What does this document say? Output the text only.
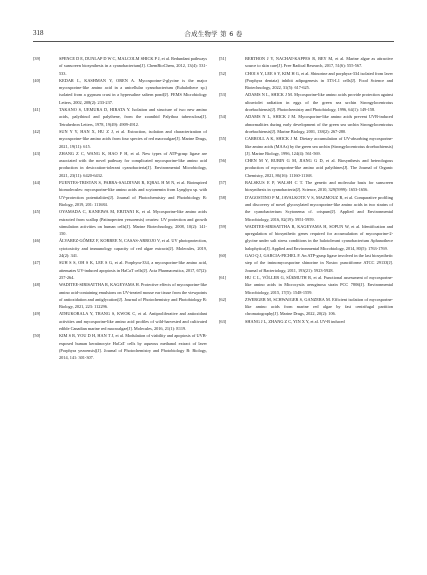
318	合成生物学 第 6 卷
[39]	SPENCE D E, DUNLAP D W C, MALCOLM SHICK P J, et al. Redundant pathways of sunscreen biosynthesis in a cyanobacterium[J]. ChemBioChem, 2012, 13(4): 531-533.
[40]	KEDAR L, KASHMAN Y, OREN A. Mycosporine-2-glycine is the major mycosporine-like amino acid in a unicellular cyanobacterium (Euhalothece sp.) isolated from a gypsum crust in a hypersaline saltern pond[J]. FEMS Microbiology Letters, 2002, 208(2): 233-237.
[41]	TAKANO S, UEMURA D, HIRATA Y. Isolation and structure of two new amino acids, palythinol and palythene, from the zoanthid Palythoa tuberculosa[J]. Tetrahedron Letters, 1978, 19(49): 4909-4912.
[42]	SUN Y Y, HAN X, HU Z J, et al. Extraction, isolation and characterization of mycosporine-like amino acids from four species of red macroalgae[J]. Marine Drugs, 2021, 19(11): 615.
[43]	ZHANG Z C, WANG K, HAO F H, et al. New types of ATP-grasp ligase are associated with the novel pathway for complicated mycosporine-like amino acid production in desiccation-tolerant cyanobacteria[J]. Environmental Microbiology, 2021, 23(11): 6420-6432.
[44]	FUENTES-TRISTAN S, PARRA-SALDIVAR R, IQBAL H M N, et al. Bioinspired biomolecules: mycosporine-like amino acids and scytonemin from Lyngbya sp. with UV-protection potentialities[J]. Journal of Photochemistry and Photobiology B: Biology, 2019, 201: 111684.
[45]	OYAMADA C, KANEIWA M, EBITANI K, et al. Mycosporine-like amino acids extracted from scallop (Patinopecten yessoensis) ovaries: UV protection and growth stimulation activities on human cells[J]. Marine Biotechnology, 2008, 10(2): 141-150.
[46]	ÁLVAREZ-GÓMEZ F, KORBEE N, CASAS-ARROJO V, et al. UV photoprotection, cytotoxicity and immunology capacity of red algae extracts[J]. Molecules, 2019, 24(2): 341.
[47]	SUH S S, OH S K, LEE S G, et al. Porphyra-334, a mycosporine-like amino acid, attenuates UV-induced apoptosis in HaCaT cells[J]. Acta Pharmaceutica, 2017, 67(2): 257-264.
[48]	WADITEE-SIRISATTHA R, KAGEYAMA H. Protective effects of mycosporine-like amino acid-containing emulsions on UV-treated mouse ear tissue from the viewpoints of antioxidation and antiglycation[J]. Journal of Photochemistry and Photobiology B: Biology, 2021, 223: 112296.
[49]	ATHUKORALA Y, TRANG S, KWOK C, et al. Antiproliferative and antioxidant activities and mycosporine-like amino acid profiles of wild-harvested and cultivated edible Canadian marine red macroalgae[J]. Molecules, 2016, 21(1): E119.
[50]	KIM S R, YOU D H, HAN T J, et al. Modulation of viability and apoptosis of UVB-exposed human keratinocyte HaCaT cells by aqueous methanol extract of laver (Porphyra yezoensis)[J]. Journal of Photochemistry and Photobiology B: Biology, 2014, 141: 301-307.
[51]	BERTHON J Y, NACHAT-KAPPES R, BEY M, et al. Marine algae as attractive source to skin care[J]. Free Radical Research, 2017, 51(6): 555-567.
[52]	CHOI S Y, LEE S Y, KIM H G, et al. Shinorine and porphyra-334 isolated from laver (Porphyra dentata) inhibit adipogenesis in 3T3-L1 cells[J]. Food Science and Biotechnology, 2022, 31(5): 617-625.
[53]	ADAMS N L, SHICK J M. Mycosporine-like amino acids provide protection against ultraviolet radiation in eggs of the green sea urchin Strongylocentrotus droebachiensis[J]. Photochemistry and Photobiology, 1996, 64(1): 149-158.
[54]	ADAMS N L, SHICK J M. Mycosporine-like amino acids prevent UVB-induced abnormalities during early development of the green sea urchin Strongylocentrotus droebachiensis[J]. Marine Biology, 2001, 138(2): 267-280.
[55]	CARROLL A K, SHICK J M. Dietary accumulation of UV-absorbing mycosporine-like amino acids (MAAs) by the green sea urchin (Strongylocentrotus droebachiensis)[J]. Marine Biology, 1996, 124(4): 561-569.
[56]	CHEN M Y, RUBIN G M, JIANG G D, et al. Biosynthesis and heterologous production of mycosporine-like amino acid palythines[J]. The Journal of Organic Chemistry, 2021, 86(16): 11160-11168.
[57]	BALSKUS E P, WALSH C T. The genetic and molecular basis for sunscreen biosynthesis in cyanobacteria[J]. Science, 2010, 329(5999): 1653-1656.
[58]	D'AGOSTINO P M, JAVALKOTE V S, MAZMOUZ R, et al. Comparative profiling and discovery of novel glycosylated mycosporine-like amino acids in two strains of the cyanobacterium Scytonema cf. crispum[J]. Applied and Environmental Microbiology, 2016, 82(19): 5951-5959.
[59]	WADITEE-SIRISATTHA R, KAGEYAMA H, SOPUN W, et al. Identification and upregulation of biosynthetic genes required for accumulation of mycosporine-2-glycine under salt stress conditions in the halotolerant cyanobacterium Aphanothece halophytica[J]. Applied and Environmental Microbiology, 2014, 80(5): 1763-1769.
[60]	GAO Q J, GARCIA-PICHEL F. An ATP-grasp ligase involved in the last biosynthetic step of the iminomycosporine shinorine in Nostoc punctiforme ATCC 29133[J]. Journal of Bacteriology, 2011, 193(21): 5923-5928.
[61]	HU C L, VÖLLER G, SÜßMUTH R, et al. Functional assessment of mycosporine-like amino acids in Microcystis aeruginosa strain PCC 7806[J]. Environmental Microbiology, 2015, 17(5): 1548-1559.
[62]	ZWERGER M, SCHWAIGER S, GANZERA M. Efficient isolation of mycosporine-like amino acids from marine red algae by fast centrifugal partition chromatography[J]. Marine Drugs, 2022, 20(2): 106.
[63]	SHANG J L, ZHANG Z C, YIN X Y, et al. UV-B induced
